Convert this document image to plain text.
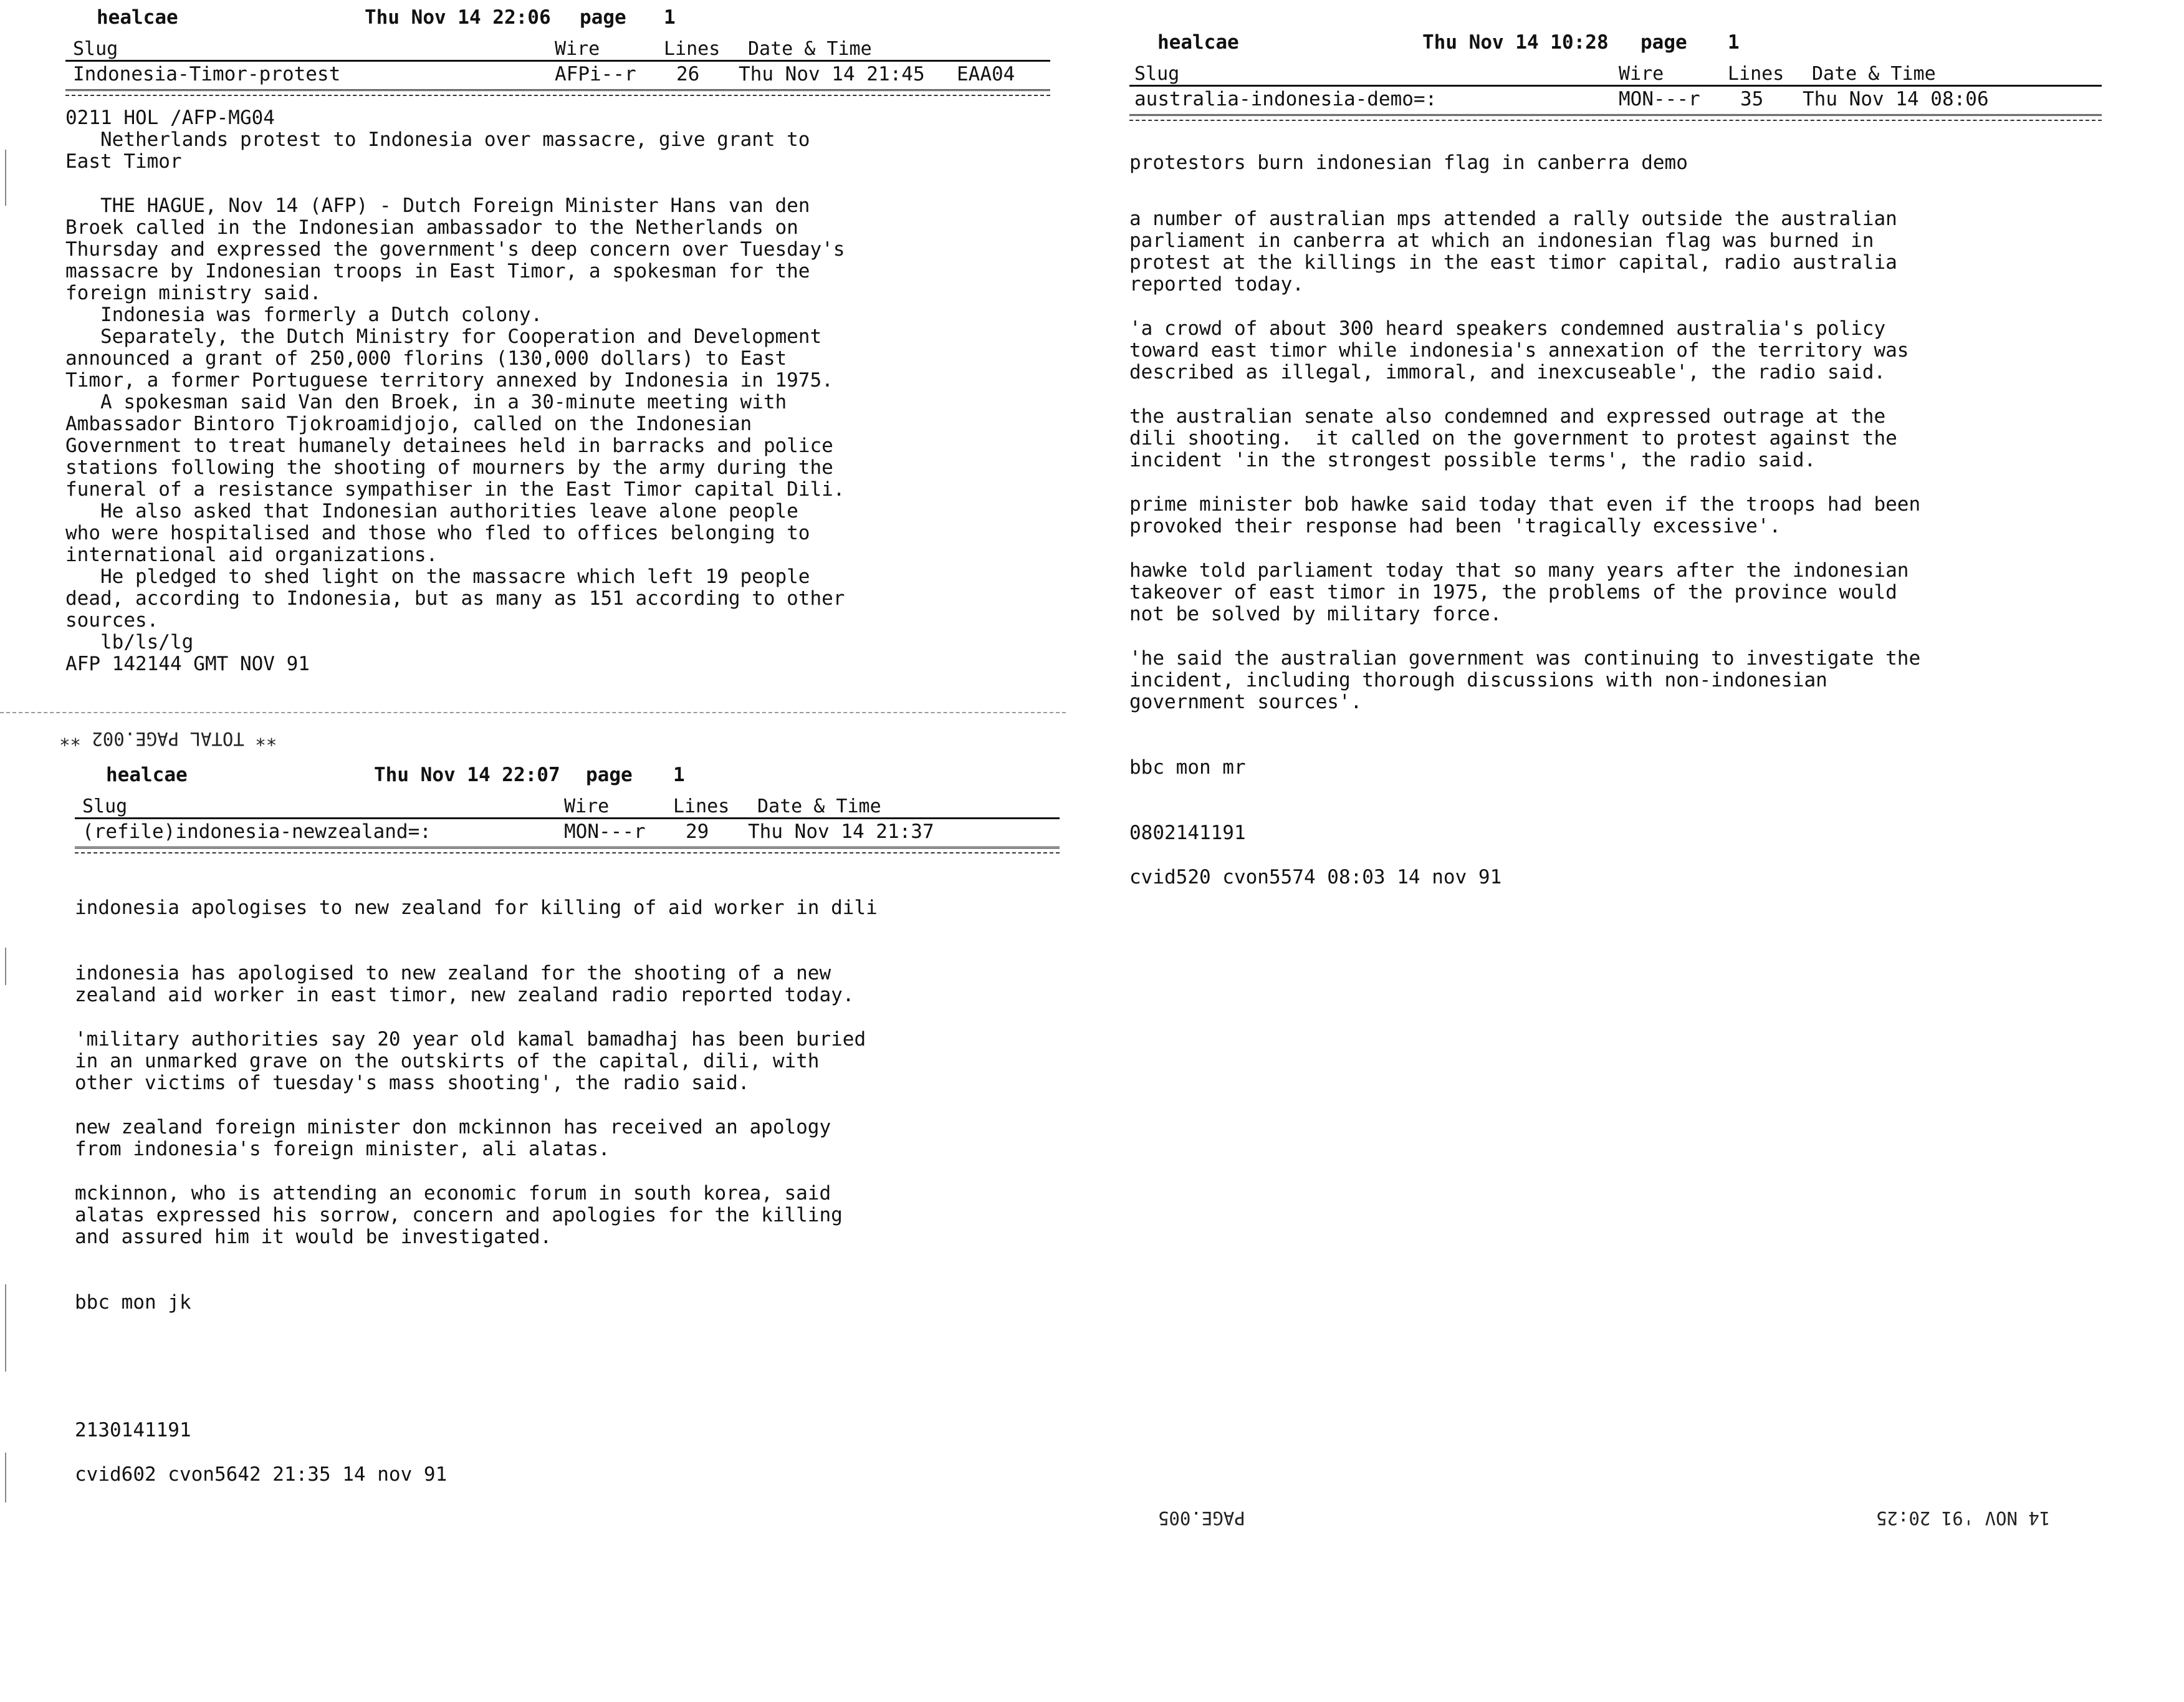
healcae	Thu Nov 14 22:06 page 1
Slug	Wire	Lines Date & Time
Indonesia-Timor-protest	AFPi--r 26 Thu Nov 14 21:45 EAA04

0211 HOL /AFP-MG04

Netherlands protest to Indonesia over massacre, give grant to

East Timor

THE HAGUE, Nov 14 (AFP) - Dutch Foreign Minister Hans van den

Broek called in the Indonesian ambassador to the Netherlands on

Thursday and expressed the government's deep concern over Tuesday's

massacre by Indonesian troops in East Timor, a spokesman for the

foreign ministry said.

Indonesia was formerly a Dutch colony.

Separately, the Dutch Ministry for Cooperation and Development

announced a grant of 250,000 florins (130,000 dollars) to East

Timor, a former Portuguese territory annexed by Indonesia in 1975.

A spokesman said Van den Broek, in a 30-minute meeting with

Ambassador Bintoro Tjokroamidjojo, called on the Indonesian

Government to treat humanely detainees held in barracks and police

stations following the shooting of mourners by the army during the

funeral of a resistance sympathiser in the East Timor capital Dili.

He also asked that Indonesian authorities leave alone people

who were hospitalised and those who fled to offices belonging to

international aid organizations.

He pledged to shed light on the massacre which left 19 people

dead, according to Indonesia, but as many as 151 according to other

sources.

lb/ls/lg

AFP 142144 GMT NOV 91

** TOTAL PAGE.002 **
healcae	Thu Nov 14 22:07 page 1
Slug	Wire	Lines Date & Time
(refile)indonesia-newzealand=:	MON---r 29 Thu Nov 14 21:37

indonesia apologises to new zealand for killing of aid worker in dili

indonesia has apologised to new zealand for the shooting of a new

zealand aid worker in east timor, new zealand radio reported today.

'military authorities say 20 year old kamal bamadhaj has been buried

in an unmarked grave on the outskirts of the capital, dili, with

other victims of tuesday's mass shooting', the radio said.

new zealand foreign minister don mckinnon has received an apology

from indonesia's foreign minister, ali alatas.

mckinnon, who is attending an economic forum in south korea, said

alatas expressed his sorrow, concern and apologies for the killing

and assured him it would be investigated.

bbc mon jk

2130141191

cvid602 cvon5642 21:35 14 nov 91

healcae	Thu Nov 14 10:28 page 1
Slug	Wire	Lines Date & Time
australia-indonesia-demo=:	MON---r 35 Thu Nov 14 08:06

protestors burn indonesian flag in canberra demo

a number of australian mps attended a rally outside the australian

parliament in canberra at which an indonesian flag was burned in

protest at the killings in the east timor capital, radio australia

reported today.

'a crowd of about 300 heard speakers condemned australia's policy

toward east timor while indonesia's annexation of the territory was

described as illegal, immoral, and inexcuseable', the radio said.

the australian senate also condemned and expressed outrage at the

dili shooting.  it called on the government to protest against the

incident 'in the strongest possible terms', the radio said.

prime minister bob hawke said today that even if the troops had been

provoked their response had been 'tragically excessive'.

hawke told parliament today that so many years after the indonesian

takeover of east timor in 1975, the problems of the province would

not be solved by military force.

'he said the australian government was continuing to investigate the

incident, including thorough discussions with non-indonesian

government sources'.

bbc mon mr

0802141191

cvid520 cvon5574 08:03 14 nov 91

PAGE.005	14 NOV '91 20:25
